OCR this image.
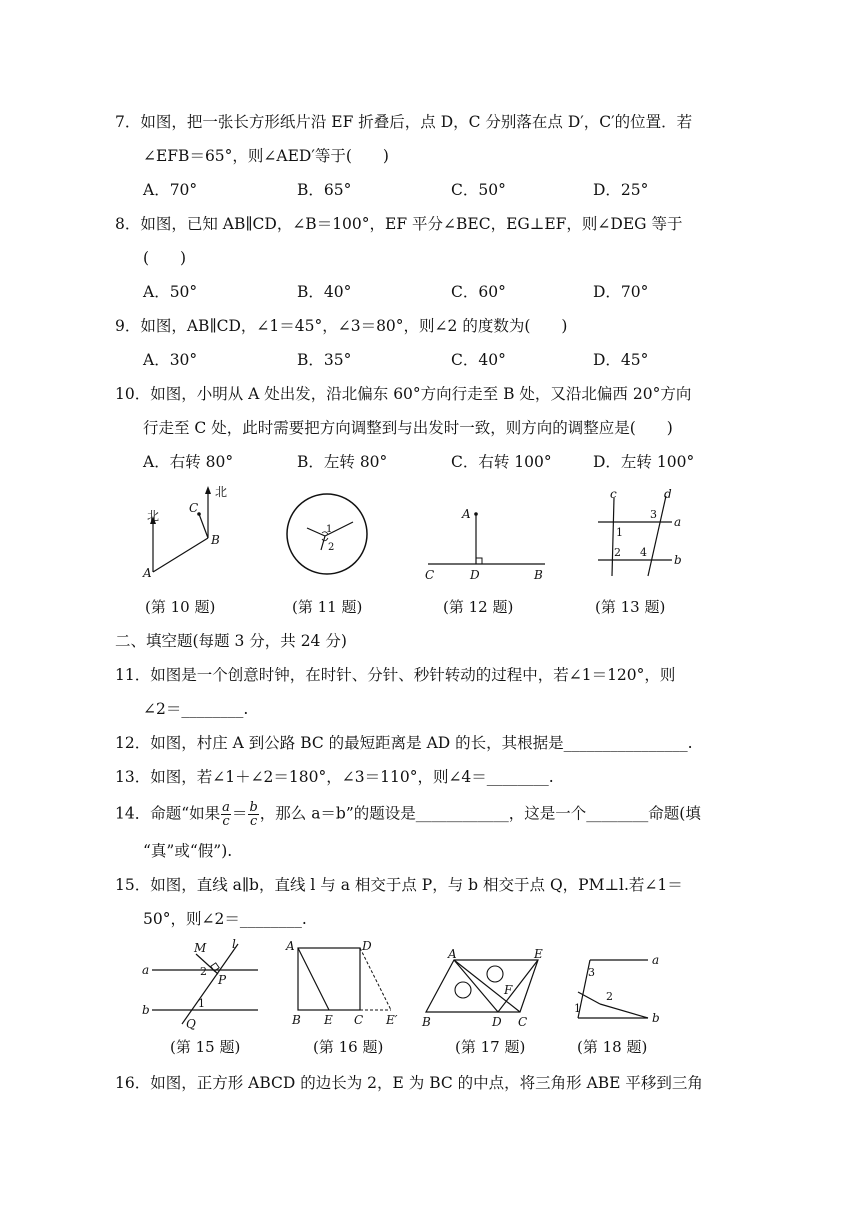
7．如图，把一张长方形纸片沿 EF 折叠后，点 D，C 分别落在点 D′，C′的位置．若
∠EFB＝65°，则∠AED′等于(　　)
A．70°	B．65°	C．50°	D．25°
8．如图，已知 AB∥CD，∠B＝100°，EF 平分∠BEC，EG⊥EF，则∠DEG 等于
(　　)
A．50°	B．40°	C．60°	D．70°
9．如图，AB∥CD，∠1＝45°，∠3＝80°，则∠2 的度数为(　　)
A．30°	B．35°	C．40°	D．45°
10．如图，小明从 A 处出发，沿北偏东 60°方向行走至 B 处，又沿北偏西 20°方向
行走至 C 处，此时需要把方向调整到与出发时一致，则方向的调整应是(　　)
A．右转 80°	B．左转 80°	C．右转 100°	D．左转 100°
北
北
A
B
C
1
2
A
C	D	B
c	d
a
b
1
2
3
4
(第 10 题)	(第 11 题)	(第 12 题)	(第 13 题)
二、填空题(每题 3 分，共 24 分)
11．如图是一个创意时钟，在时针、分针、秒针转动的过程中，若∠1＝120°，则
∠2＝________.
12．如图，村庄 A 到公路 BC 的最短距离是 AD 的长，其根据是________________.
13．如图，若∠1＋∠2＝180°，∠3＝110°，则∠4＝________.
14．命题“如果 $\frac{a}{c} = \frac{b}{c}$ ，那么 a＝b”的题设是____________，这是一个________命题(填
“真”或“假”).
15．如图，直线 a∥b，直线 l 与 a 相交于点 P，与 b 相交于点 Q，PM⊥l.若∠1＝
50°，则∠2＝________.
M l
a
b
P
Q
1
2
A	D
B E C E′
A	E
B	D C
F
a
b
1
2
3
(第 15 题)	(第 16 题)	(第 17 题)	(第 18 题)
16．如图，正方形 ABCD 的边长为 2，E 为 BC 的中点，将三角形 ABE 平移到三角
